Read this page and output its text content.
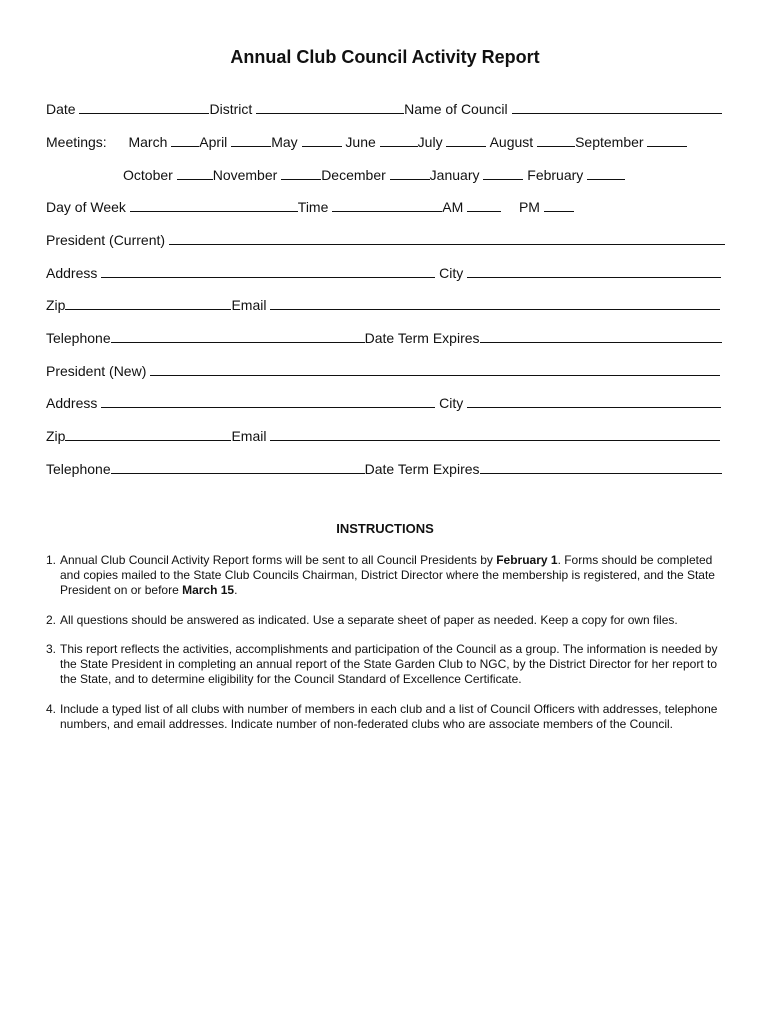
Annual Club Council Activity Report
Date	District	Name of Council
Meetings: March April	May	June	July	August	September
October	November	December	January	February
Day of Week	Time	AM	PM
President (Current)
Address	City
Zip	Email
Telephone	Date Term Expires
President (New)
Address	City
Zip	Email
Telephone	Date Term Expires
INSTRUCTIONS
1. Annual Club Council Activity Report forms will be sent to all Council Presidents by February 1. Forms should be completed and copies mailed to the State Club Councils Chairman, District Director where the membership is registered, and the State President on or before March 15.
2. All questions should be answered as indicated. Use a separate sheet of paper as needed. Keep a copy for own files.
3. This report reflects the activities, accomplishments and participation of the Council as a group. The information is needed by the State President in completing an annual report of the State Garden Club to NGC, by the District Director for her report to the State, and to determine eligibility for the Council Standard of Excellence Certificate.
4. Include a typed list of all clubs with number of members in each club and a list of Council Officers with addresses, telephone numbers, and email addresses. Indicate number of non-federated clubs who are associate members of the Council.
